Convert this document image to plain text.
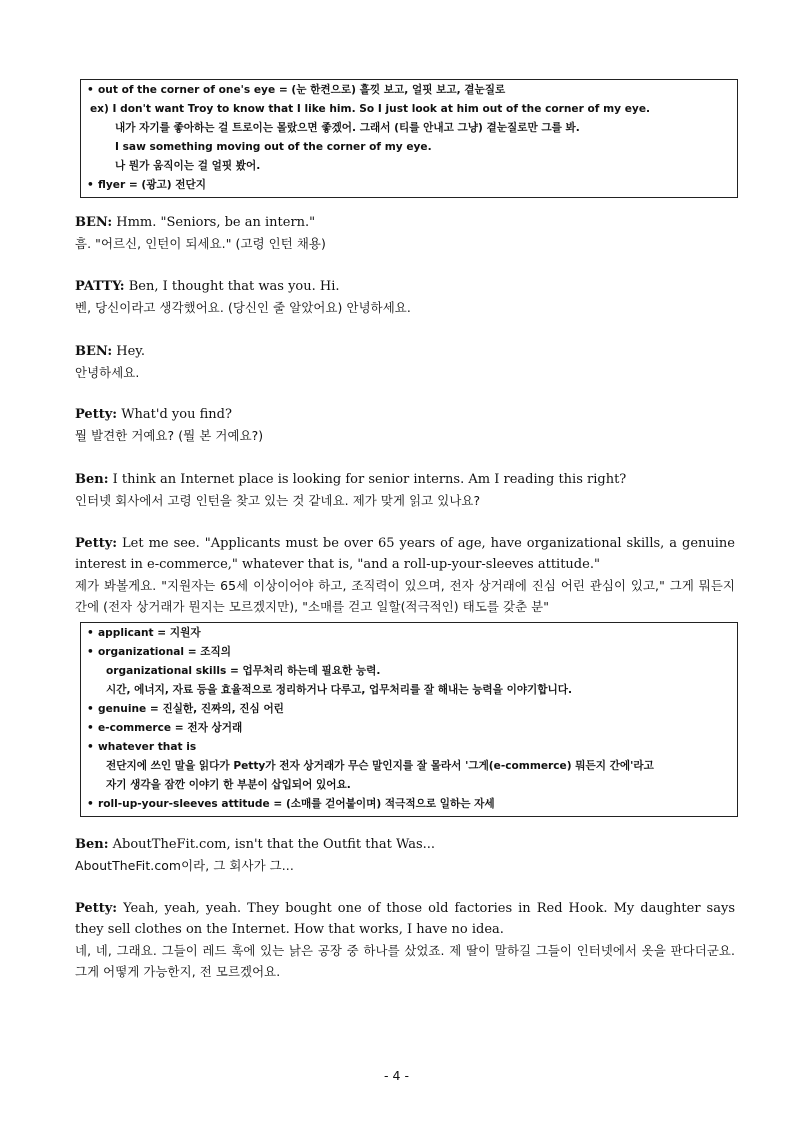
• out of the corner of one's eye = (눈 한켠으로) 흘낏 보고, 얼핏 보고, 곁눈질로
ex) I don't want Troy to know that I like him. So I just look at him out of the corner of my eye.
내가 자기를 좋아하는 걸 트로이는 몰랐으면 좋겠어. 그래서 (티를 안내고 그냥) 곁눈질로만 그를 봐.
I saw something moving out of the corner of my eye.
나 뭔가 움직이는 걸 얼핏 봤어.
• flyer = (광고) 전단지

BEN: Hmm. "Seniors, be an intern."

흠. "어르신, 인턴이 되세요." (고령 인턴 채용)

PATTY: Ben, I thought that was you. Hi.

벤, 당신이라고 생각했어요. (당신인 줄 알았어요) 안녕하세요.

BEN: Hey.

안녕하세요.

Petty: What'd you find?

뭘 발견한 거예요? (뭘 본 거예요?)

Ben: I think an Internet place is looking for senior interns. Am I reading this right?

인터넷 회사에서 고령 인턴을 찾고 있는 것 같네요. 제가 맞게 읽고 있나요?

Petty: Let me see. "Applicants must be over 65 years of age, have organizational skills, a genuine interest in e-commerce," whatever that is, "and a roll-up-your-sleeves attitude."

제가 봐볼게요. "지원자는 65세 이상이어야 하고, 조직력이 있으며, 전자 상거래에 진심 어린 관심이 있고," 그게 뭐든지 간에 (전자 상거래가 뭔지는 모르겠지만), "소매를 걷고 일할(적극적인) 태도를 갖춘 분"

• applicant = 지원자
• organizational = 조직의
organizational skills = 업무처리 하는데 필요한 능력.
시간, 에너지, 자료 등을 효율적으로 정리하거나 다루고, 업무처리를 잘 해내는 능력을 이야기합니다.
• genuine = 진실한, 진짜의, 진심 어린
• e-commerce = 전자 상거래
• whatever that is
전단지에 쓰인 말을 읽다가 Petty가 전자 상거래가 무슨 말인지를 잘 몰라서 '그게(e-commerce) 뭐든지 간에'라고
자기 생각을 잠깐 이야기 한 부분이 삽입되어 있어요.
• roll-up-your-sleeves attitude = (소매를 걷어붙이며) 적극적으로 일하는 자세

Ben: AboutTheFit.com, isn't that the Outfit that Was...

AboutTheFit.com이라, 그 회사가 그...

Petty: Yeah, yeah, yeah. They bought one of those old factories in Red Hook. My daughter says they sell clothes on the Internet. How that works, I have no idea.

네, 네, 그래요. 그들이 레드 훅에 있는 낡은 공장 중 하나를 샀었죠. 제 딸이 말하길 그들이 인터넷에서 옷을 판다더군요. 그게 어떻게 가능한지, 전 모르겠어요.

- 4 -
